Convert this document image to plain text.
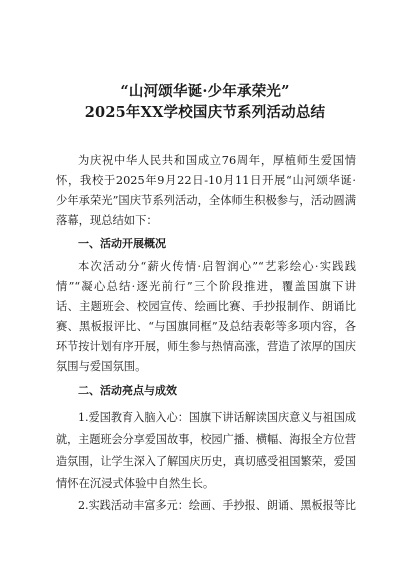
“山河颂华诞·少年承荣光”
2025年XX学校国庆节系列活动总结
为庆祝中华人民共和国成立76周年，厚植师生爱国情
怀，我校于2025年9月22日-10月11日开展“山河颂华诞·
少年承荣光”国庆节系列活动，全体师生积极参与，活动圆满
落幕，现总结如下：
一、活动开展概况
本次活动分“薪火传情·启智润心”“艺彩绘心·实践践
情”“凝心总结·逐光前行”三个阶段推进，覆盖国旗下讲
话、主题班会、校园宣传、绘画比赛、手抄报制作、朗诵比
赛、黑板报评比、“与国旗同框”及总结表彰等多项内容，各
环节按计划有序开展，师生参与热情高涨，营造了浓厚的国庆
氛围与爱国氛围。
二、活动亮点与成效
1.爱国教育入脑入心：国旗下讲话解读国庆意义与祖国成
就，主题班会分享爱国故事，校园广播、横幅、海报全方位营
造氛围，让学生深入了解国庆历史，真切感受祖国繁荣，爱国
情怀在沉浸式体验中自然生长。
2.实践活动丰富多元：绘画、手抄报、朗诵、黑板报等比
